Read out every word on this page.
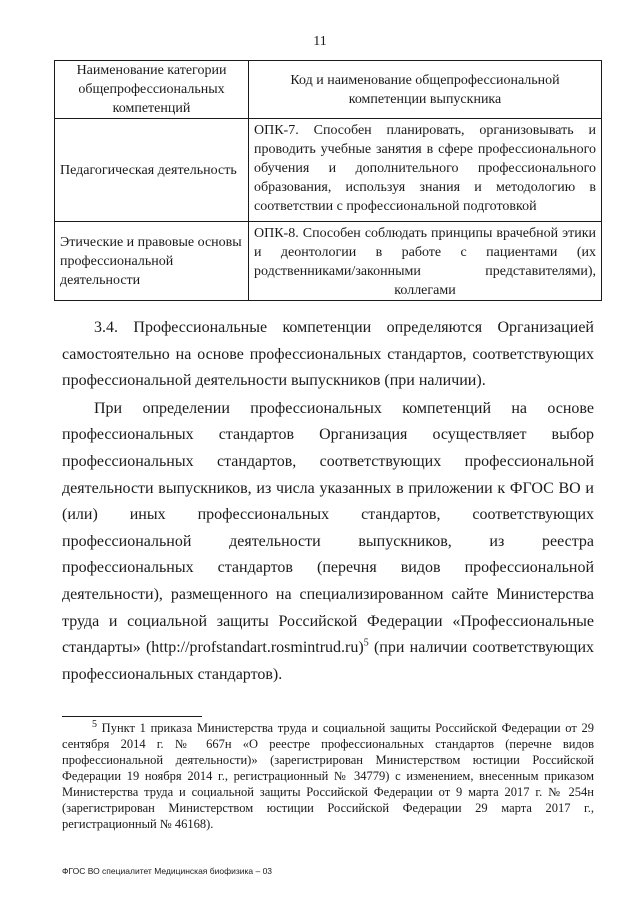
11
Наименование категории общепрофессиональных компетенций	Код и наименование общепрофессиональной компетенции выпускника
Педагогическая деятельность	ОПК-7. Способен планировать, организовывать и проводить учебные занятия в сфере профессионального обучения и дополнительного профессионального образования, используя знания и методологию в соответствии с профессиональной подготовкой
Этические и правовые основы профессиональной деятельности	ОПК-8. Способен соблюдать принципы врачебной этики и деонтологии в работе с пациентами (их родственниками/законными представителями), коллегами

3.4. Профессиональные компетенции определяются Организацией самостоятельно на основе профессиональных стандартов, соответствующих профессиональной деятельности выпускников (при наличии).

При определении профессиональных компетенций на основе профессиональных стандартов Организация осуществляет выбор профессиональных стандартов, соответствующих профессиональной деятельности выпускников, из числа указанных в приложении к ФГОС ВО и (или) иных профессиональных стандартов, соответствующих профессиональной деятельности выпускников, из реестра профессиональных стандартов (перечня видов профессиональной деятельности), размещенного на специализированном сайте Министерства труда и социальной защиты Российской Федерации «Профессиональные стандарты» (http://profstandart.rosmintrud.ru)$^5$ (при наличии соответствующих профессиональных стандартов).

$^5$ Пункт 1 приказа Министерства труда и социальной защиты Российской Федерации от 29 сентября 2014 г. № 667н «О реестре профессиональных стандартов (перечне видов профессиональной деятельности)» (зарегистрирован Министерством юстиции Российской Федерации 19 ноября 2014 г., регистрационный № 34779) с изменением, внесенным приказом Министерства труда и социальной защиты Российской Федерации от 9 марта 2017 г. № 254н (зарегистрирован Министерством юстиции Российской Федерации 29 марта 2017 г., регистрационный № 46168).

ФГОС ВО специалитет Медицинская биофизика – 03
